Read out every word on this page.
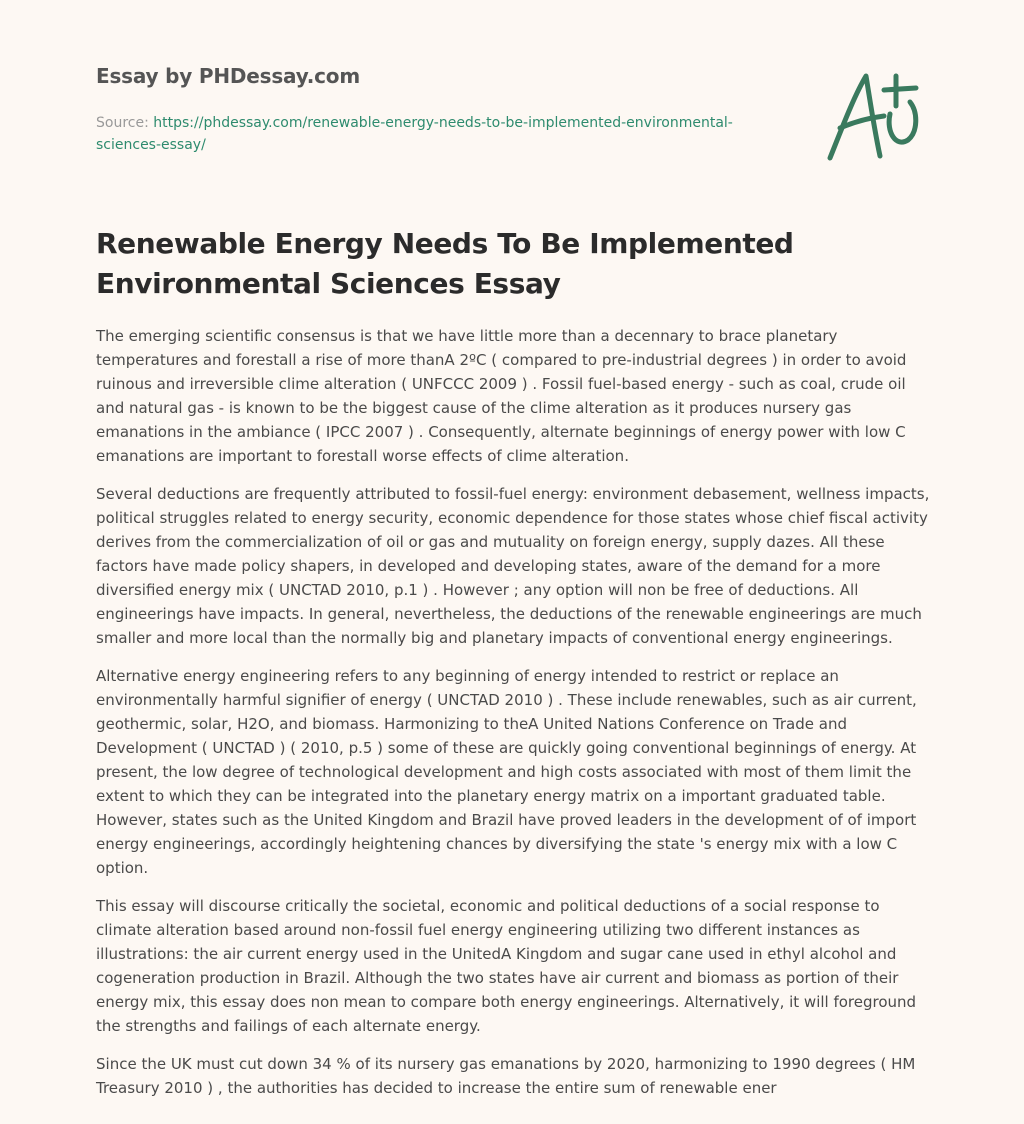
Essay by PHDessay.com
Source: https://phdessay.com/renewable-energy-needs-to-be-implemented-environmental-sciences-essay/
Renewable Energy Needs To Be Implemented Environmental Sciences Essay

The emerging scientific consensus is that we have little more than a decennary to brace planetary temperatures and forestall a rise of more thanA 2ºC ( compared to pre-industrial degrees ) in order to avoid ruinous and irreversible clime alteration ( UNFCCC 2009 ) . Fossil fuel-based energy - such as coal, crude oil and natural gas - is known to be the biggest cause of the clime alteration as it produces nursery gas emanations in the ambiance ( IPCC 2007 ) . Consequently, alternate beginnings of energy power with low C emanations are important to forestall worse effects of clime alteration.

Several deductions are frequently attributed to fossil-fuel energy: environment debasement, wellness impacts, political struggles related to energy security, economic dependence for those states whose chief fiscal activity derives from the commercialization of oil or gas and mutuality on foreign energy, supply dazes. All these factors have made policy shapers, in developed and developing states, aware of the demand for a more diversified energy mix ( UNCTAD 2010, p.1 ) . However ; any option will non be free of deductions. All engineerings have impacts. In general, nevertheless, the deductions of the renewable engineerings are much smaller and more local than the normally big and planetary impacts of conventional energy engineerings.

Alternative energy engineering refers to any beginning of energy intended to restrict or replace an environmentally harmful signifier of energy ( UNCTAD 2010 ) . These include renewables, such as air current, geothermic, solar, H2O, and biomass. Harmonizing to theA United Nations Conference on Trade and Development ( UNCTAD ) ( 2010, p.5 ) some of these are quickly going conventional beginnings of energy. At present, the low degree of technological development and high costs associated with most of them limit the extent to which they can be integrated into the planetary energy matrix on a important graduated table. However, states such as the United Kingdom and Brazil have proved leaders in the development of of import energy engineerings, accordingly heightening chances by diversifying the state 's energy mix with a low C option.

This essay will discourse critically the societal, economic and political deductions of a social response to climate alteration based around non-fossil fuel energy engineering utilizing two different instances as illustrations: the air current energy used in the UnitedA Kingdom and sugar cane used in ethyl alcohol and cogeneration production in Brazil. Although the two states have air current and biomass as portion of their energy mix, this essay does non mean to compare both energy engineerings. Alternatively, it will foreground the strengths and failings of each alternate energy.

Since the UK must cut down 34 % of its nursery gas emanations by 2020, harmonizing to 1990 degrees ( HM Treasury 2010 ) , the authorities has decided to increase the entire sum of renewable ener
